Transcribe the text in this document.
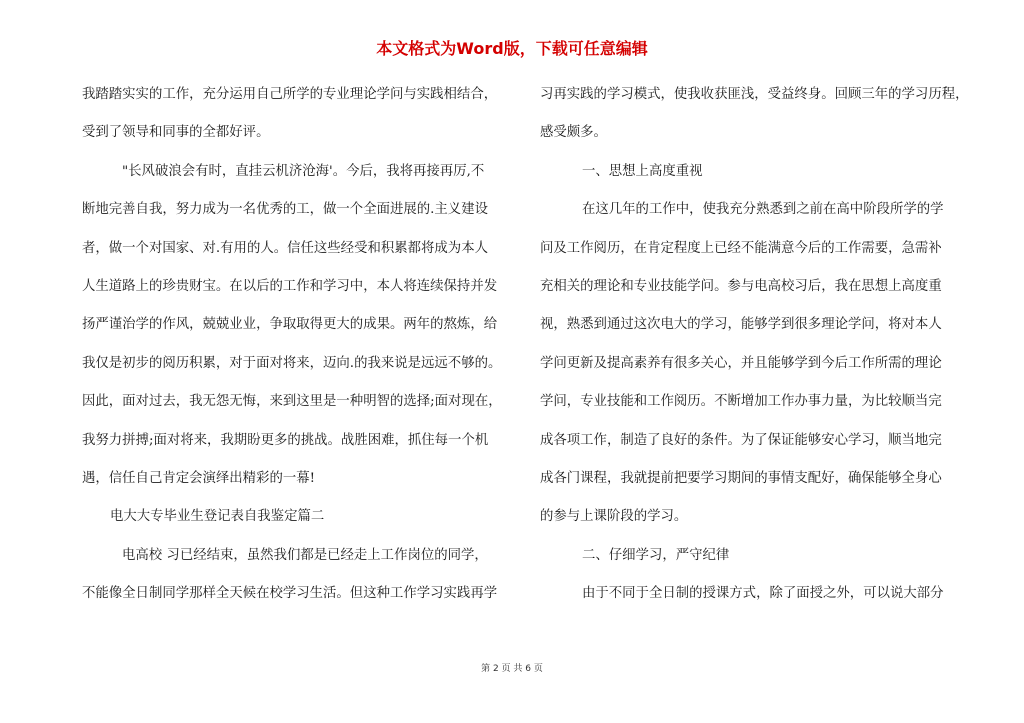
本文格式为Word版，下载可任意编辑
我踏踏实实的工作，充分运用自己所学的专业理论学问与实践相结合，
受到了领导和同事的全都好评。
"长风破浪会有时，直挂云机济沧海'。今后，我将再接再厉,不
断地完善自我，努力成为一名优秀的工，做一个全面进展的.主义建设
者，做一个对国家、对.有用的人。信任这些经受和积累都将成为本人
人生道路上的珍贵财宝。在以后的工作和学习中，本人将连续保持并发
扬严谨治学的作风，兢兢业业，争取取得更大的成果。两年的熬炼，给
我仅是初步的阅历积累，对于面对将来，迈向.的我来说是远远不够的。
因此，面对过去，我无怨无悔，来到这里是一种明智的选择;面对现在，
我努力拼搏;面对将来，我期盼更多的挑战。战胜困难，抓住每一个机
遇，信任自己肯定会演绎出精彩的一幕!
电大大专毕业生登记表自我鉴定篇二
电高校 习已经结束，虽然我们都是已经走上工作岗位的同学，
不能像全日制同学那样全天候在校学习生活。但这种工作学习实践再学
习再实践的学习模式，使我收获匪浅，受益终身。回顾三年的学习历程，
感受颇多。
一、思想上高度重视
在这几年的工作中，使我充分熟悉到之前在高中阶段所学的学
问及工作阅历，在肯定程度上已经不能满意今后的工作需要，急需补
充相关的理论和专业技能学问。参与电高校习后，我在思想上高度重
视，熟悉到通过这次电大的学习，能够学到很多理论学问，将对本人
学问更新及提高素养有很多关心，并且能够学到今后工作所需的理论
学问，专业技能和工作阅历。不断增加工作办事力量，为比较顺当完
成各项工作，制造了良好的条件。为了保证能够安心学习，顺当地完
成各门课程，我就提前把要学习期间的事情支配好，确保能够全身心
的参与上课阶段的学习。
二、仔细学习，严守纪律
由于不同于全日制的授课方式，除了面授之外，可以说大部分
第 2 页 共 6 页
